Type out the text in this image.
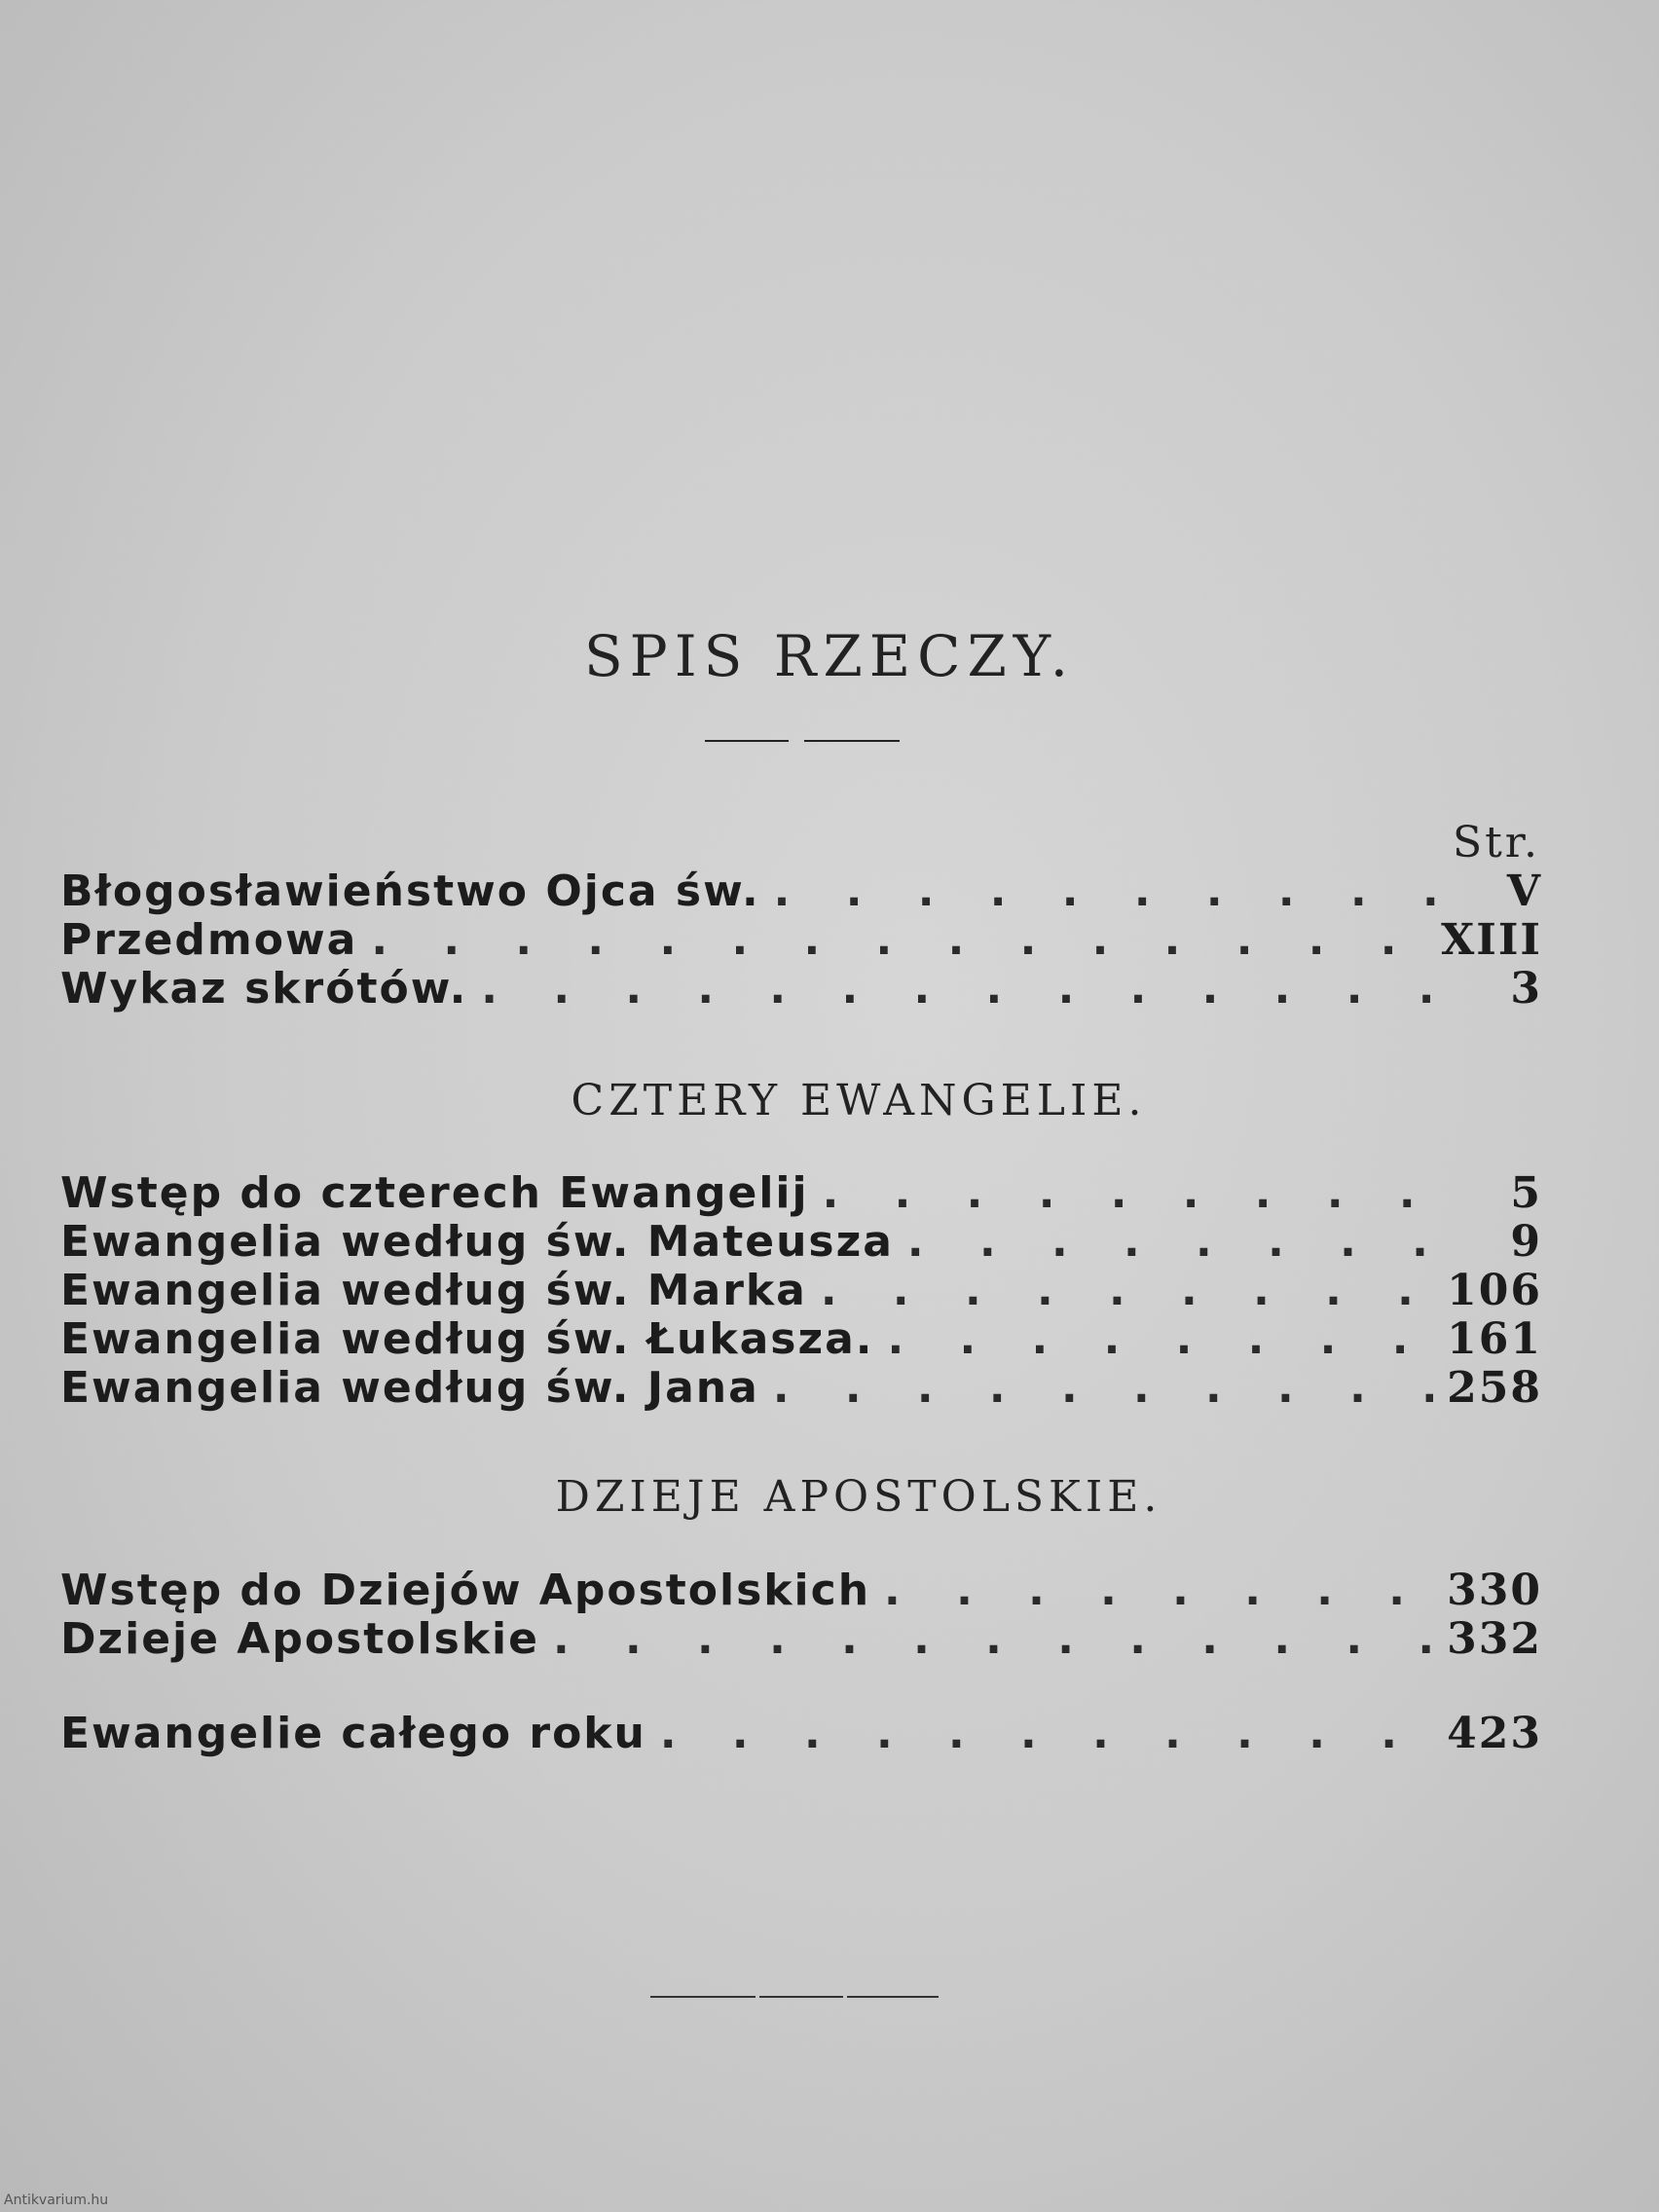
SPIS RZECZY.
Str.
Błogosławieństwo Ojca św. . . .	V
Przedmowa . . .	XIII
Wykaz skrótów. . . .	3
CZTERY EWANGELIE.
Wstęp do czterech Ewangelij . . .	5
Ewangelia według św. Mateusza . . .	9
Ewangelia według św. Marka . . .	106
Ewangelia według św. Łukasza. . . .	161
Ewangelia według św. Jana . . .	258
DZIEJE APOSTOLSKIE.
Wstęp do Dziejów Apostolskich . . .	330
Dzieje Apostolskie . . .	332
Ewangelie całego roku . . .	423
Antikvarium.hu
